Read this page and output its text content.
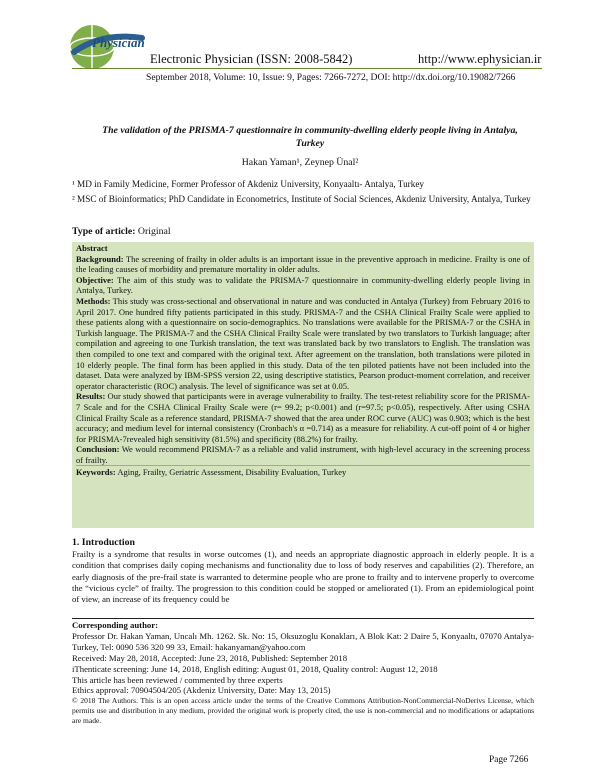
Physician
Electronic Physician (ISSN: 2008-5842)	http://www.ephysician.ir
September 2018, Volume: 10, Issue: 9, Pages: 7266-7272, DOI: http://dx.doi.org/10.19082/7266
The validation of the PRISMA-7 questionnaire in community-dwelling elderly people living in Antalya, Turkey
Hakan Yaman¹, Zeynep Ünal²
¹ MD in Family Medicine, Former Professor of Akdeniz University, Konyaaltı- Antalya, Turkey
² MSC of Bioinformatics; PhD Candidate in Econometrics, Institute of Social Sciences, Akdeniz University, Antalya, Turkey
Type of article: Original

Abstract

Background: The screening of frailty in older adults is an important issue in the preventive approach in medicine. Frailty is one of the leading causes of morbidity and premature mortality in older adults.

Objective: The aim of this study was to validate the PRISMA-7 questionnaire in community-dwelling elderly people living in Antalya, Turkey.

Methods: This study was cross-sectional and observational in nature and was conducted in Antalya (Turkey) from February 2016 to April 2017. One hundred fifty patients participated in this study. PRISMA-7 and the CSHA Clinical Frailty Scale were applied to these patients along with a questionnaire on socio-demographics. No translations were available for the PRISMA-7 or the CSHA in Turkish language. The PRISMA-7 and the CSHA Clinical Frailty Scale were translated by two translators to Turkish language; after compilation and agreeing to one Turkish translation, the text was translated back by two translators to English. The translation was then compiled to one text and compared with the original text. After agreement on the translation, both translations were piloted in 10 elderly people. The final form has been applied in this study. Data of the ten piloted patients have not been included into the dataset. Data were analyzed by IBM-SPSS version 22, using descriptive statistics, Pearson product-moment correlation, and receiver operator characteristic (ROC) analysis. The level of significance was set at 0.05.

Results: Our study showed that participants were in average vulnerability to frailty. The test-retest reliability score for the PRISMA-7 Scale and for the CSHA Clinical Frailty Scale were (r= 99.2; p<0.001) and (r=97.5; p<0.05), respectively. After using CSHA Clinical Frailty Scale as a reference standard, PRISMA-7 showed that the area under ROC curve (AUC) was 0.903; which is the best accuracy; and medium level for internal consistency (Cronbach's α =0.714) as a measure for reliability. A cut-off point of 4 or higher for PRISMA-7revealed high sensitivity (81.5%) and specificity (88.2%) for frailty.

Conclusion: We would recommend PRISMA-7 as a reliable and valid instrument, with high-level accuracy in the screening process of frailty.

Keywords: Aging, Frailty, Geriatric Assessment, Disability Evaluation, Turkey

1. Introduction

Frailty is a syndrome that results in worse outcomes (1), and needs an appropriate diagnostic approach in elderly people. It is a condition that comprises daily coping mechanisms and functionality due to loss of body reserves and capabilities (2). Therefore, an early diagnosis of the pre-frail state is warranted to determine people who are prone to frailty and to intervene properly to overcome the “vicious cycle” of frailty. The progression to this condition could be stopped or ameliorated (1). From an epidemiological point of view, an increase of its frequency could be

Corresponding author:

Professor Dr. Hakan Yaman, Uncalı Mh. 1262. Sk. No: 15, Oksuzoglu Konakları, A Blok Kat: 2 Daire 5, Konyaaltı, 07070 Antalya-Turkey, Tel: 0090 536 320 99 33, Email: hakanyaman@yahoo.com

Received: May 28, 2018, Accepted: June 23, 2018, Published: September 2018

iThenticate screening: June 14, 2018, English editing: August 01, 2018, Quality control: August 12, 2018

This article has been reviewed / commented by three experts

Ethics approval: 70904504/205 (Akdeniz University, Date: May 13, 2015)

© 2018 The Authors. This is an open access article under the terms of the Creative Commons Attribution-NonCommercial-NoDerivs License, which permits use and distribution in any medium, provided the original work is properly cited, the use is non-commercial and no modifications or adaptations are made.

Page 7266
